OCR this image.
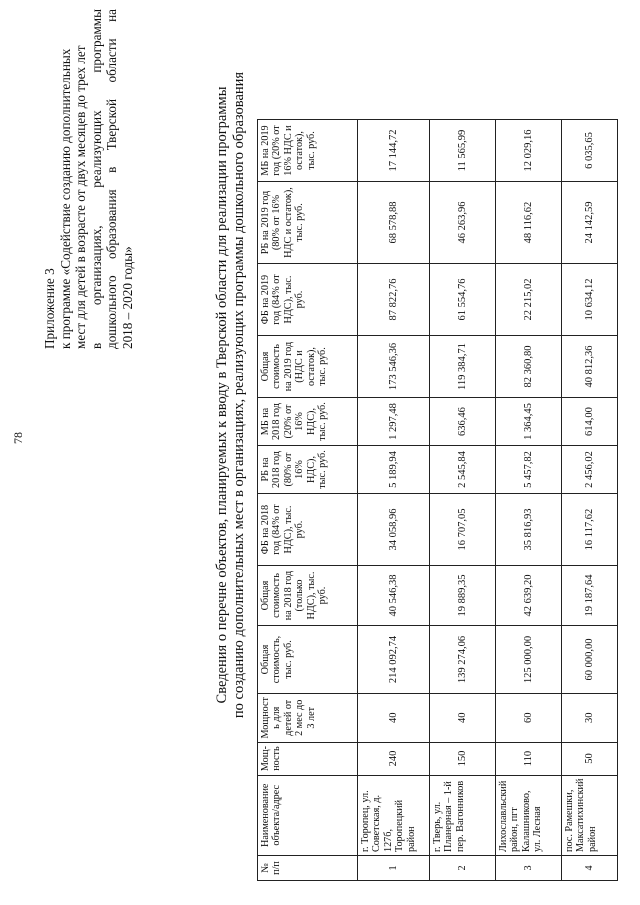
78
Приложение 3 к программе «Содействие созданию дополнительных мест для детей в возрасте от двух месяцев до трех лет в организациях, реализующих программы дошкольного образования в Тверской области на 2018 – 2020 годы»	Сведения о перечне объектов, планируемых к вводу в Тверской области для реализации программы по созданию дополнительных мест в организациях, реализующих программы дошкольного образования
№ п/п	Наименование объекта/адрес	Мощ-ность	Мощност ь для детей от 2 мес до 3 лет	Общая стоимость, тыс. руб.	Общая стоимость на 2018 год (только НДС), тыс. руб.	ФБ на 2018 год (84% от НДС), тыс. руб.	РБ на 2018 год (80% от 16% НДС), тыс. руб.	МБ на 2018 год (20% от 16% НДС), тыс. руб.	Общая стоимость на 2019 год (НДС и остаток), тыс. руб.	ФБ на 2019 год (84% от НДС), тыс. руб.	РБ на 2019 год (80% от 16% НДС и остаток), тыс. руб.	МБ на 2019 год (20% от 16% НДС и остаток), тыс. руб.
1	г. Торопец, ул. Советская, д. 127б, Торопецкий район	240	40	214 092,74	40 546,38	34 058,96	5 189,94	1 297,48	173 546,36	87 822,76	68 578,88	17 144,72
2	г. Тверь, ул. Планерная – 1-й пер. Вагонников	150	40	139 274,06	19 889,35	16 707,05	2 545,84	636,46	119 384,71	61 554,76	46 263,96	11 565,99
3	Лихославльский район, пгт Калашниково, ул. Лесная	110	60	125 000,00	42 639,20	35 816,93	5 457,82	1 364,45	82 360,80	22 215,02	48 116,62	12 029,16
4	пос. Рамешки, Максатихинский район	50	30	60 000,00	19 187,64	16 117,62	2 456,02	614,00	40 812,36	10 634,12	24 142,59	6 035,65
